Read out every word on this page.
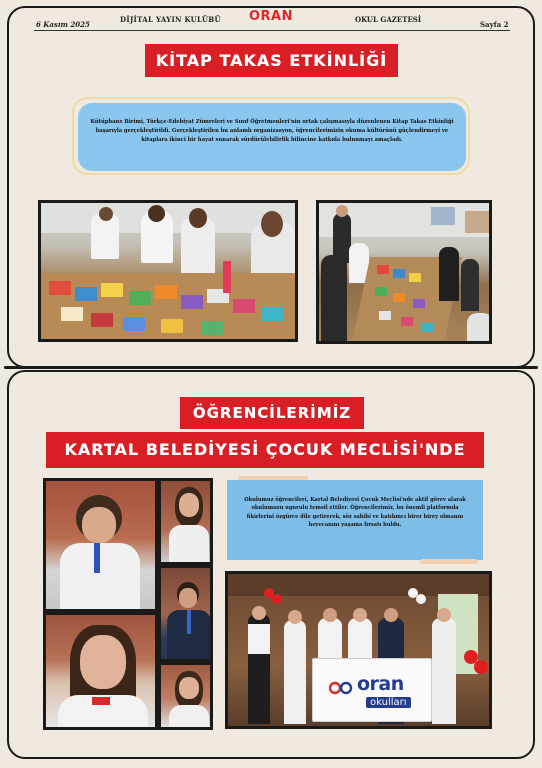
6 Kasım 2025
DİJİTAL YAYIN KULÜBÜ	ORAN	OKUL GAZETESİ
Sayfa 2
KİTAP TAKAS ETKİNLİĞİ
Kütüphane Birimi, Türkçe-Edebiyat Zümreleri ve Sınıf Öğretmenleri'nin ortak çalışmasıyla düzenlenen Kitap Takas Etkinliği başarıyla gerçekleştirildi. Gerçekleştirilen bu anlamlı organizasyon, öğrencilerimizin okuma kültürünü güçlendirmeyi ve kitaplara ikinci bir hayat sunarak sürdürülebilirlik bilincine katkıda bulunmayı amaçladı.
ÖĞRENCİLERİMİZ
KARTAL BELEDİYESİ ÇOCUK MECLİSİ'NDE
Okulumuz öğrencileri, Kartal Belediyesi Çocuk Meclisi'nde aktif görev alarak okulumuzu ugurulu temsil ettiler. Öğrencilerimiz, bu önemli platformda fikirlerini özgürce dile getirerek, söz sahibi ve katılımcı birer birey olmanın heyecanını yaşama fırsatı buldu.
oran
okulları
